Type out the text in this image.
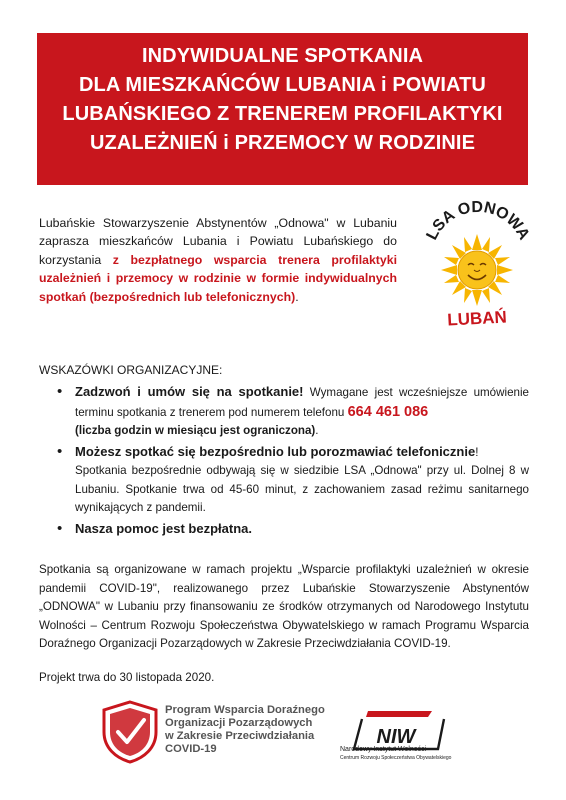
INDYWIDUALNE SPOTKANIA
DLA MIESZKAŃCÓW LUBANIA i POWIATU
LUBAŃSKIEGO Z TRENEREM PROFILAKTYKI
UZALEŻNIEŃ i PRZEMOCY W RODZINIE
Lubańskie Stowarzyszenie Abstynentów „Odnowa" w Lubaniu zaprasza mieszkańców Lubania i Powiatu Lubańskiego do korzystania z bezpłatnego wsparcia trenera profilaktyki uzależnień i przemocy w rodzinie w formie indywidualnych spotkań (bezpośrednich lub telefonicznych).
LSA ODNOWA
LUBAŃ
WSKAZÓWKI ORGANIZACYJNE:
• Zadzwoń i umów się na spotkanie! Wymagane jest wcześniejsze umówienie terminu spotkania z trenerem pod numerem telefonu 664 461 086
(liczba godzin w miesiącu jest ograniczona).
• Możesz spotkać się bezpośrednio lub porozmawiać telefonicznie!
Spotkania bezpośrednie odbywają się w siedzibie LSA „Odnowa" przy ul. Dolnej 8 w Lubaniu. Spotkanie trwa od 45-60 minut, z zachowaniem zasad reżimu sanitarnego wynikających z pandemii.
• Nasza pomoc jest bezpłatna.
Spotkania są organizowane w ramach projektu „Wsparcie profilaktyki uzależnień w okresie pandemii COVID-19", realizowanego przez Lubańskie Stowarzyszenie Abstynentów „ODNOWA" w Lubaniu przy finansowaniu ze środków otrzymanych od Narodowego Instytutu Wolności – Centrum Rozwoju Społeczeństwa Obywatelskiego w ramach Programu Wsparcia Doraźnego Organizacji Pozarządowych w Zakresie Przeciwdziałania COVID-19.
Projekt trwa do 30 listopada 2020.
Program Wsparcia Doraźnego
Organizacji Pozarządowych
w Zakresie Przeciwdziałania
COVID-19
NIW
Narodowy Instytut Wolności
Centrum Rozwoju Społeczeństwa Obywatelskiego
